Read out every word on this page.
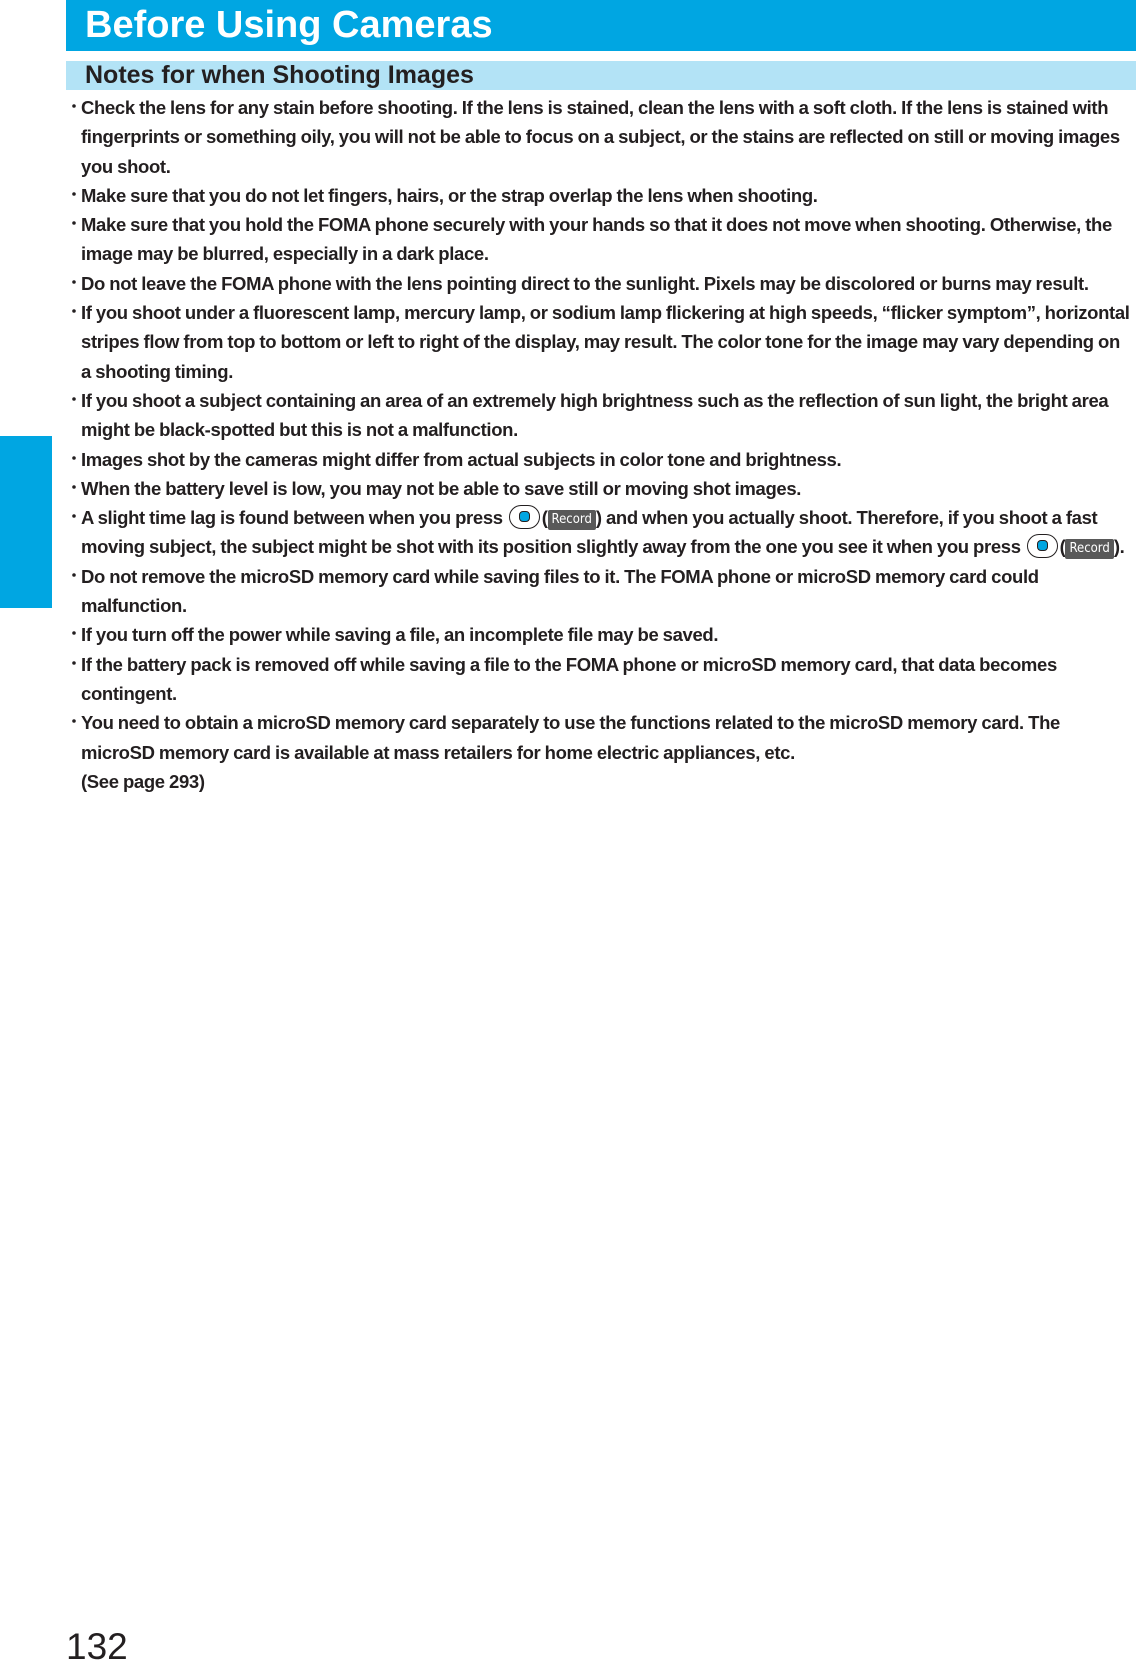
Camera
Before Using Cameras
Notes for when Shooting Images
・ Check the lens for any stain before shooting. If the lens is stained, clean the lens with a soft cloth. If the lens is stained with fingerprints or something oily, you will not be able to focus on a subject, or the stains are reflected on still or moving images you shoot.
・ Make sure that you do not let fingers, hairs, or the strap overlap the lens when shooting.
・ Make sure that you hold the FOMA phone securely with your hands so that it does not move when shooting. Otherwise, the image may be blurred, especially in a dark place.
・ Do not leave the FOMA phone with the lens pointing direct to the sunlight. Pixels may be discolored or burns may result.
・ If you shoot under a fluorescent lamp, mercury lamp, or sodium lamp flickering at high speeds, “flicker symptom”, horizontal stripes flow from top to bottom or left to right of the display, may result. The color tone for the image may vary depending on a shooting timing.
・ If you shoot a subject containing an area of an extremely high brightness such as the reflection of sun light, the bright area might be black-spotted but this is not a malfunction.
・ Images shot by the cameras might differ from actual subjects in color tone and brightness.
・ When the battery level is low, you may not be able to save still or moving shot images.
・ A slight time lag is found between when you press ( Record ) and when you actually shoot. Therefore, if you shoot a fast moving subject, the subject might be shot with its position slightly away from the one you see it when you press ( Record ).
・ Do not remove the microSD memory card while saving files to it. The FOMA phone or microSD memory card could malfunction.
・ If you turn off the power while saving a file, an incomplete file may be saved.
・ If the battery pack is removed off while saving a file to the FOMA phone or microSD memory card, that data becomes contingent.
・ You need to obtain a microSD memory card separately to use the functions related to the microSD memory card. The microSD memory card is available at mass retailers for home electric appliances, etc.
(See page 293)
132
